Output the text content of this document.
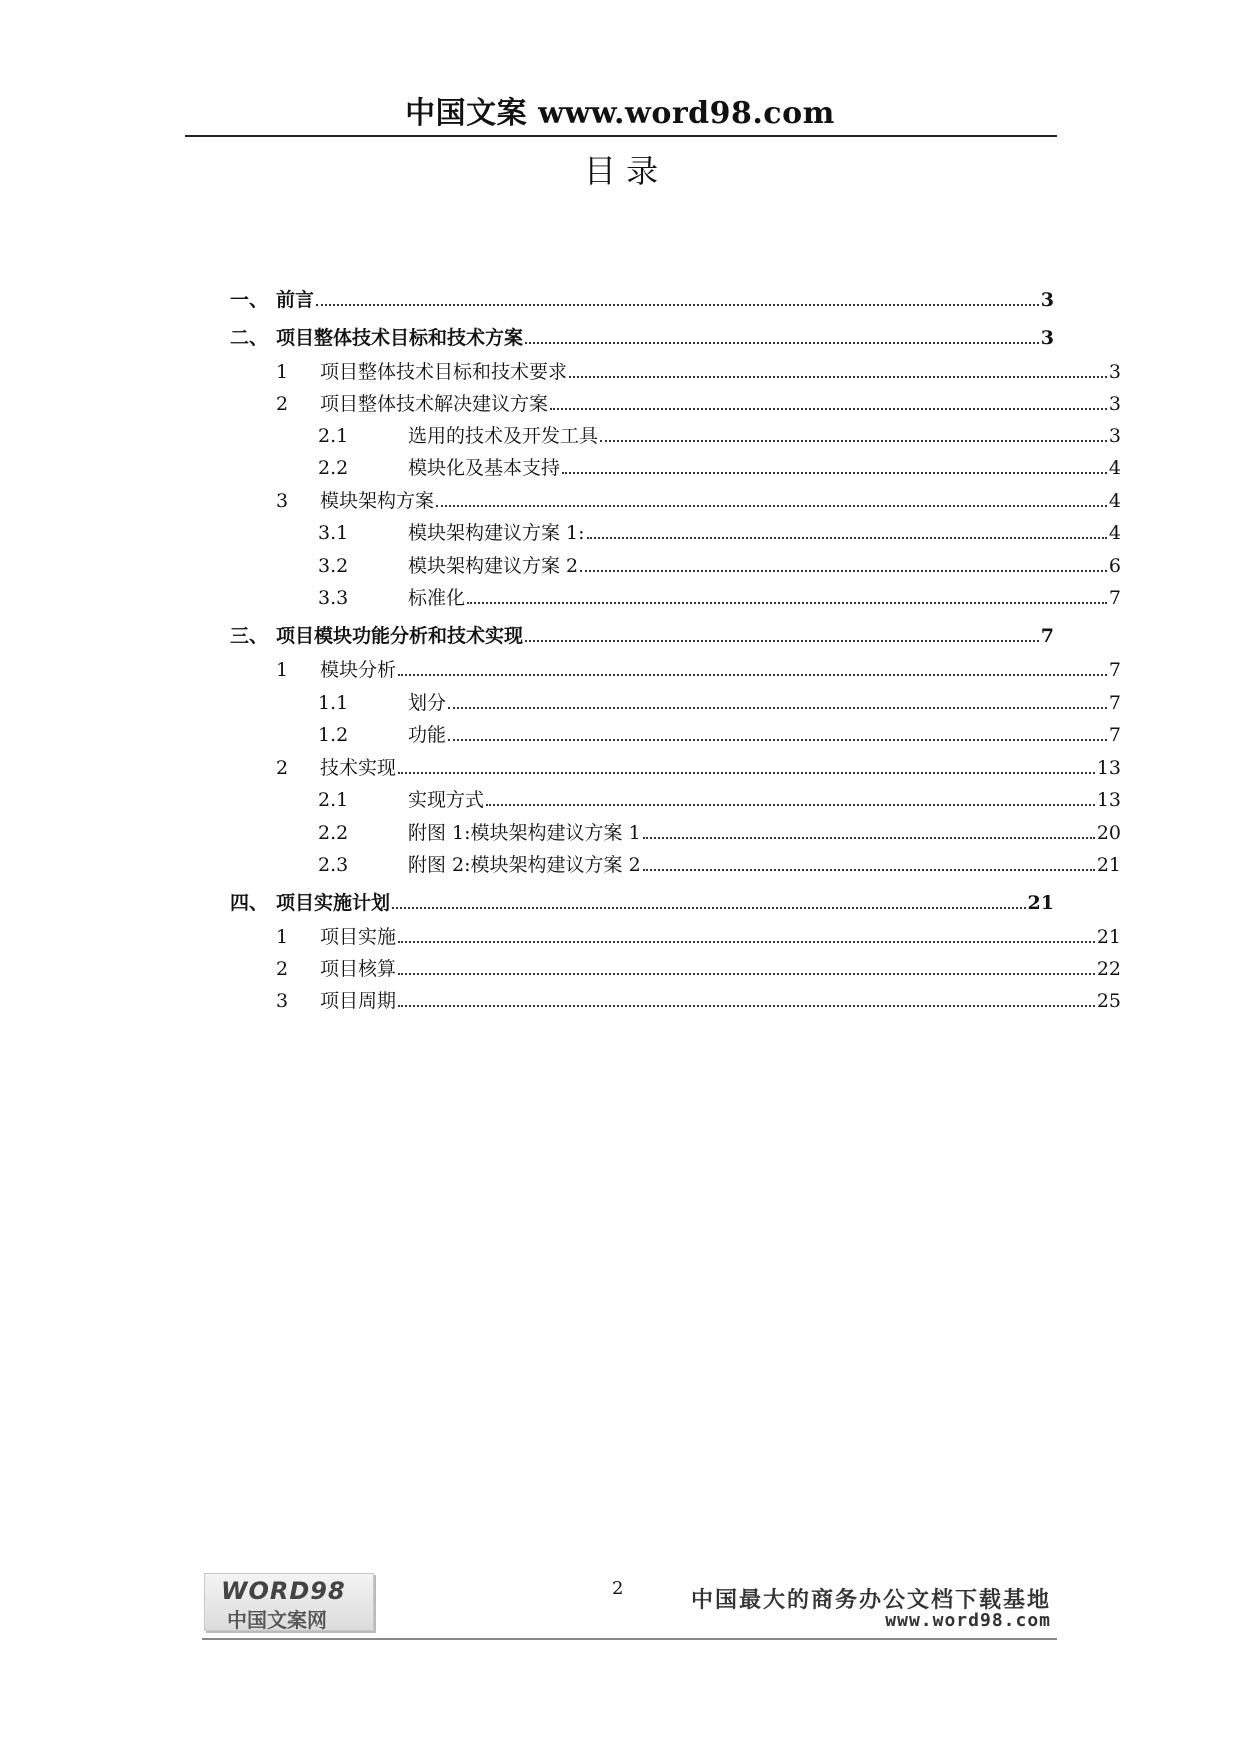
中国文案 www.word98.com
目 录
一、 前言	3
二、 项目整体技术目标和技术方案	3
1 项目整体技术目标和技术要求	3
2 项目整体技术解决建议方案	3
2.1	选用的技术及开发工具	3
2.2	模块化及基本支持	4
3 模块架构方案	4
3.1	模块架构建议方案 1:	4
3.2	模块架构建议方案 2	6
3.3	标准化	7
三、 项目模块功能分析和技术实现	7
1 模块分析	7
1.1	划分	7
1.2	功能	7
2 技术实现	13
2.1	实现方式	13
2.2	附图 1:模块架构建议方案 1	20
2.3	附图 2:模块架构建议方案 2	21
四、 项目实施计划	21
1 项目实施	21
2 项目核算	22
3 项目周期	25
WORD98
中国文案网
2	中国最大的商务办公文档下载基地
www.word98.com
